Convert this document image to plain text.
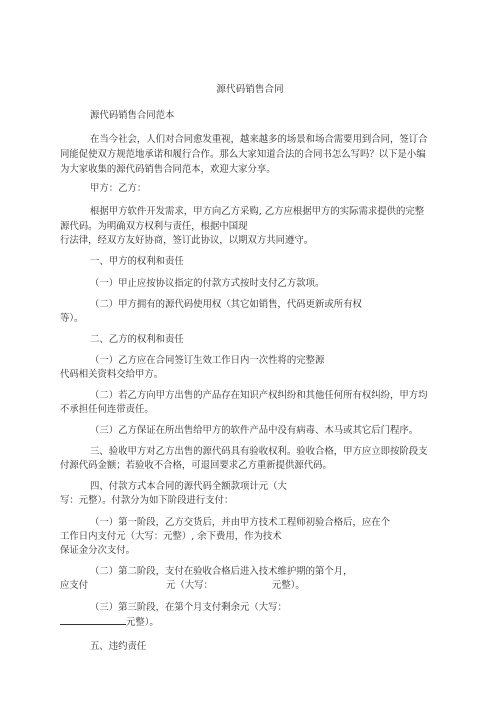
源代码销售合同
源代码销售合同范本
在当今社会，人们对合同愈发重视，越来越多的场景和场合需要用到合同，签订合
同能促使双方规范地承诺和履行合作。那么大家知道合法的合同书怎么写吗？以下是小编
为大家收集的源代码销售合同范本，欢迎大家分享。
甲方：乙方：
根据甲方软件开发需求，甲方向乙方采购, 乙方应根据甲方的实际需求提供的完整
源代码。为明确双方权利与责任，根据中国现
行法律，经双方友好协商，签订此协议，以期双方共同遵守。
一、甲方的权利和责任
（一）甲止应按协议指定的付款方式按时支付乙方款项。
（二）甲方拥有的源代码使用权（其它如销售，代码更新或所有权
等）。
二、乙方的权利和责任
（一）乙方应在合同签订生效工作日内一次性将的完整源
代码相关资料交给甲方。
（二）若乙方向甲方出售的产品存在知识产权纠纷和其他任何所有权纠纷，甲方均
不承担任何连带责任。
（三）乙方保证在所出售给甲方的软件产品中没有病毒、木马或其它后门程序。
三、验收甲方对乙方出售的源代码具有验收权利。验收合格，甲方应立即按阶段支
付源代码金额；若验收不合格，可退回要求乙方重新提供源代码。
四、付款方式本合同的源代码全额款项计元（大
写：元整）。付款分为如下阶段进行支付：
（一）第一阶段，乙方交货后，并由甲方技术工程师初验合格后，应在个
工作日内支付元（大写：元整）, 余下费用，作为技术
保证金分次支付。
（二）第二阶段，支付在验收合格后进入技术维护期的第个月，
应支付	元（大写：	元整）。
（三）第三阶段，在第个月支付剩余元（大写：
元整）。
五、违约责任
